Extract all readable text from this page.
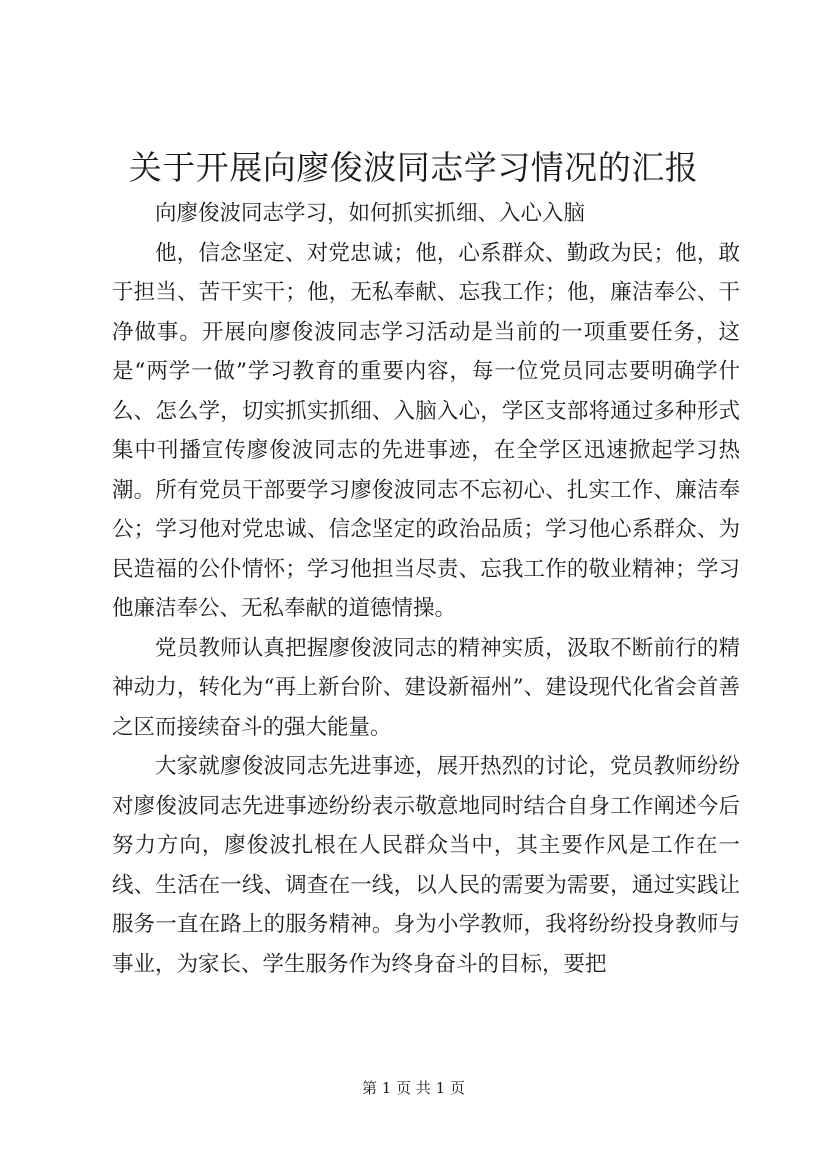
关于开展向廖俊波同志学习情况的汇报

向廖俊波同志学习，如何抓实抓细、入心入脑

他，信念坚定、对党忠诚；他，心系群众、勤政为民；他，敢于担当、苦干实干；他，无私奉献、忘我工作；他，廉洁奉公、干净做事。开展向廖俊波同志学习活动是当前的一项重要任务，这是“两学一做”学习教育的重要内容，每一位党员同志要明确学什么、怎么学，切实抓实抓细、入脑入心，学区支部将通过多种形式集中刊播宣传廖俊波同志的先进事迹，在全学区迅速掀起学习热潮。所有党员干部要学习廖俊波同志不忘初心、扎实工作、廉洁奉公；学习他对党忠诚、信念坚定的政治品质；学习他心系群众、为民造福的公仆情怀；学习他担当尽责、忘我工作的敬业精神；学习他廉洁奉公、无私奉献的道德情操。

党员教师认真把握廖俊波同志的精神实质，汲取不断前行的精神动力，转化为“再上新台阶、建设新福州”、建设现代化省会首善之区而接续奋斗的强大能量。

大家就廖俊波同志先进事迹，展开热烈的讨论，党员教师纷纷对廖俊波同志先进事迹纷纷表示敬意地同时结合自身工作阐述今后努力方向，廖俊波扎根在人民群众当中，其主要作风是工作在一线、生活在一线、调查在一线，以人民的需要为需要，通过实践让服务一直在路上的服务精神。身为小学教师，我将纷纷投身教师与事业，为家长、学生服务作为终身奋斗的目标，要把

第 1 页 共 1 页
